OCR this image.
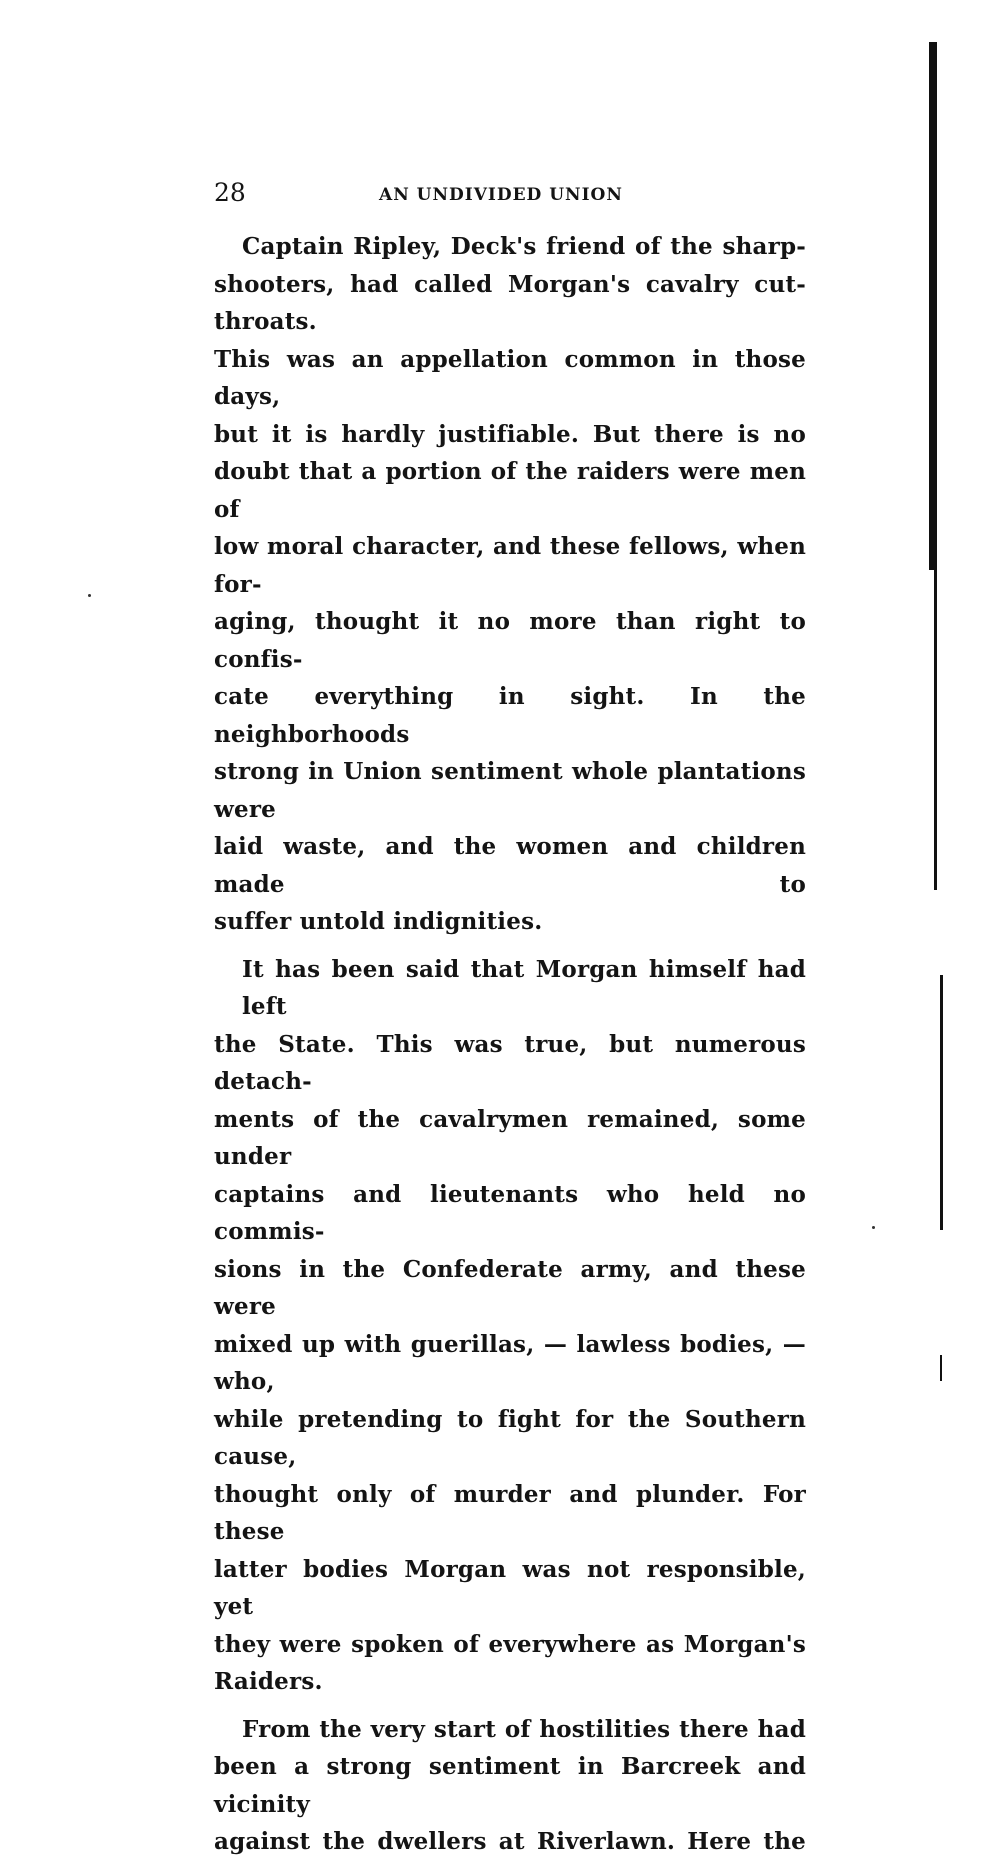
28	AN UNDIVIDED UNION
Captain Ripley, Deck's friend of the sharp-
shooters, had called Morgan's cavalry cut-throats.
This was an appellation common in those days,
but it is hardly justifiable. But there is no
doubt that a portion of the raiders were men of
low moral character, and these fellows, when for-
aging, thought it no more than right to confis-
cate everything in sight. In the neighborhoods
strong in Union sentiment whole plantations were
laid waste, and the women and children made to
suffer untold indignities.
It has been said that Morgan himself had left
the State. This was true, but numerous detach-
ments of the cavalrymen remained, some under
captains and lieutenants who held no commis-
sions in the Confederate army, and these were
mixed up with guerillas, — lawless bodies, — who,
while pretending to fight for the Southern cause,
thought only of murder and plunder. For these
latter bodies Morgan was not responsible, yet
they were spoken of everywhere as Morgan's
Raiders.
From the very start of hostilities there had
been a strong sentiment in Barcreek and vicinity
against the dwellers at Riverlawn. Here the
